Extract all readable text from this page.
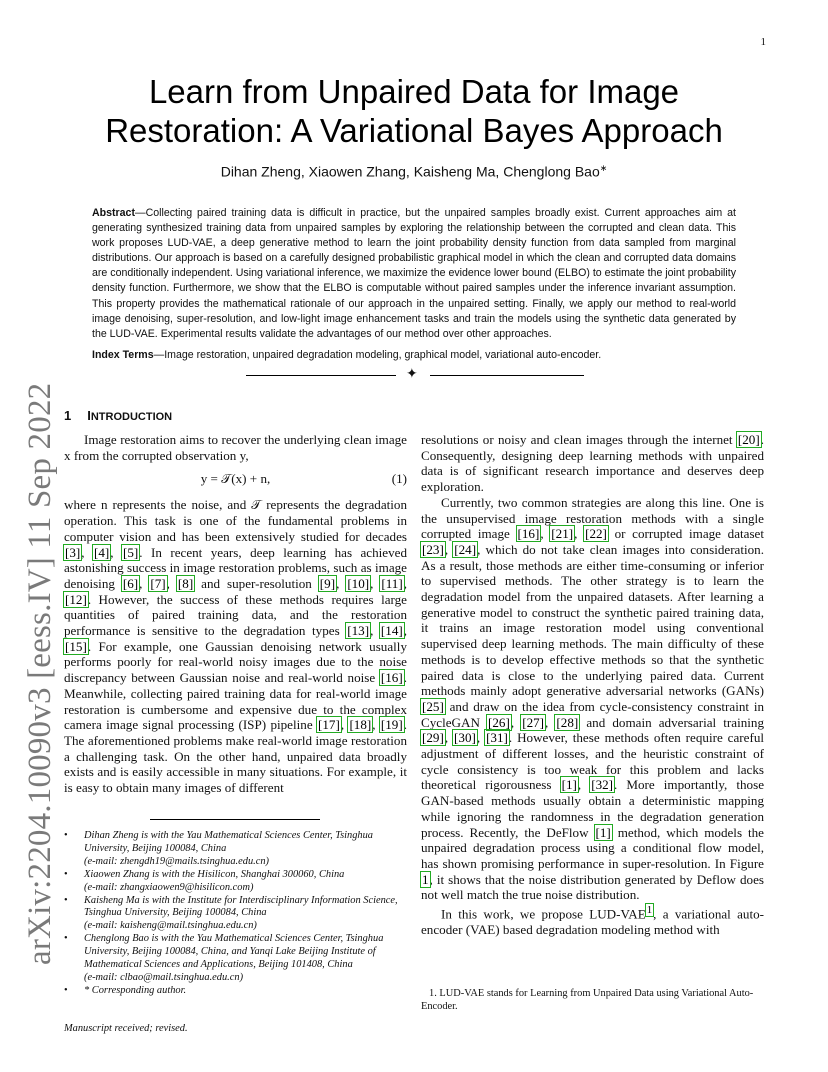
1
arXiv:2204.10090v3 [eess.IV] 11 Sep 2022
Learn from Unpaired Data for Image
Restoration: A Variational Bayes Approach
Dihan Zheng, Xiaowen Zhang, Kaisheng Ma, Chenglong Bao∗
Abstract—Collecting paired training data is difficult in practice, but the unpaired samples broadly exist. Current approaches aim at generating synthesized training data from unpaired samples by exploring the relationship between the corrupted and clean data. This work proposes LUD-VAE, a deep generative method to learn the joint probability density function from data sampled from marginal distributions. Our approach is based on a carefully designed probabilistic graphical model in which the clean and corrupted data domains are conditionally independent. Using variational inference, we maximize the evidence lower bound (ELBO) to estimate the joint probability density function. Furthermore, we show that the ELBO is computable without paired samples under the inference invariant assumption. This property provides the mathematical rationale of our approach in the unpaired setting. Finally, we apply our method to real-world image denoising, super-resolution, and low-light image enhancement tasks and train the models using the synthetic data generated by the LUD-VAE. Experimental results validate the advantages of our method over other approaches.
Index Terms—Image restoration, unpaired degradation modeling, graphical model, variational auto-encoder.
✦
1 INTRODUCTION

Image restoration aims to recover the underlying clean image x from the corrupted observation y,

y = 𝒯(x) + n,	(1)

where n represents the noise, and 𝒯 represents the degradation operation. This task is one of the fundamental problems in computer vision and has been extensively studied for decades [3], [4], [5]. In recent years, deep learning has achieved astonishing success in image restoration problems, such as image denoising [6], [7], [8] and super-resolution [9], [10], [11], [12]. However, the success of these methods requires large quantities of paired training data, and the restoration performance is sensitive to the degradation types [13], [14], [15]. For example, one Gaussian denoising network usually performs poorly for real-world noisy images due to the noise discrepancy between Gaussian noise and real-world noise [16]. Meanwhile, collecting paired training data for real-world image restoration is cumbersome and expensive due to the complex camera image signal processing (ISP) pipeline [17], [18], [19]. The aforementioned problems make real-world image restoration a challenging task. On the other hand, unpaired data broadly exists and is easily accessible in many situations. For example, it is easy to obtain many images of different

resolutions or noisy and clean images through the internet [20]. Consequently, designing deep learning methods with unpaired data is of significant research importance and deserves deep exploration.

Currently, two common strategies are along this line. One is the unsupervised image restoration methods with a single corrupted image [16], [21], [22] or corrupted image dataset [23], [24], which do not take clean images into consideration. As a result, those methods are either time-consuming or inferior to supervised methods. The other strategy is to learn the degradation model from the unpaired datasets. After learning a generative model to construct the synthetic paired training data, it trains an image restoration model using conventional supervised deep learning methods. The main difficulty of these methods is to develop effective methods so that the synthetic paired data is close to the underlying paired data. Current methods mainly adopt generative adversarial networks (GANs) [25] and draw on the idea from cycle-consistency constraint in CycleGAN [26], [27], [28] and domain adversarial training [29], [30], [31]. However, these methods often require careful adjustment of different losses, and the heuristic constraint of cycle consistency is too weak for this problem and lacks theoretical rigorousness [1], [32]. More importantly, those GAN-based methods usually obtain a deterministic mapping while ignoring the randomness in the degradation generation process. Recently, the DeFlow [1] method, which models the unpaired degradation process using a conditional flow model, has shown promising performance in super-resolution. In Figure 1, it shows that the noise distribution generated by Deflow does not well match the true noise distribution.

In this work, we propose LUD-VAE$^1$, a variational auto-encoder (VAE) based degradation modeling method with

• Dihan Zheng is with the Yau Mathematical Sciences Center, Tsinghua University, Beijing 100084, China
(e-mail: zhengdh19@mails.tsinghua.edu.cn)
• Xiaowen Zhang is with the Hisilicon, Shanghai 300060, China
(e-mail: zhangxiaowen9@hisilicon.com)
• Kaisheng Ma is with the Institute for Interdisciplinary Information Science, Tsinghua University, Beijing 100084, China
(e-mail: kaisheng@mail.tsinghua.edu.cn)
• Chenglong Bao is with the Yau Mathematical Sciences Center, Tsinghua University, Beijing 100084, China, and Yanqi Lake Beijing Institute of Mathematical Sciences and Applications, Beijing 101408, China
(e-mail: clbao@mail.tsinghua.edu.cn)
• * Corresponding author.
Manuscript received; revised.
1. LUD-VAE stands for Learning from Unpaired Data using Variational Auto-Encoder.
